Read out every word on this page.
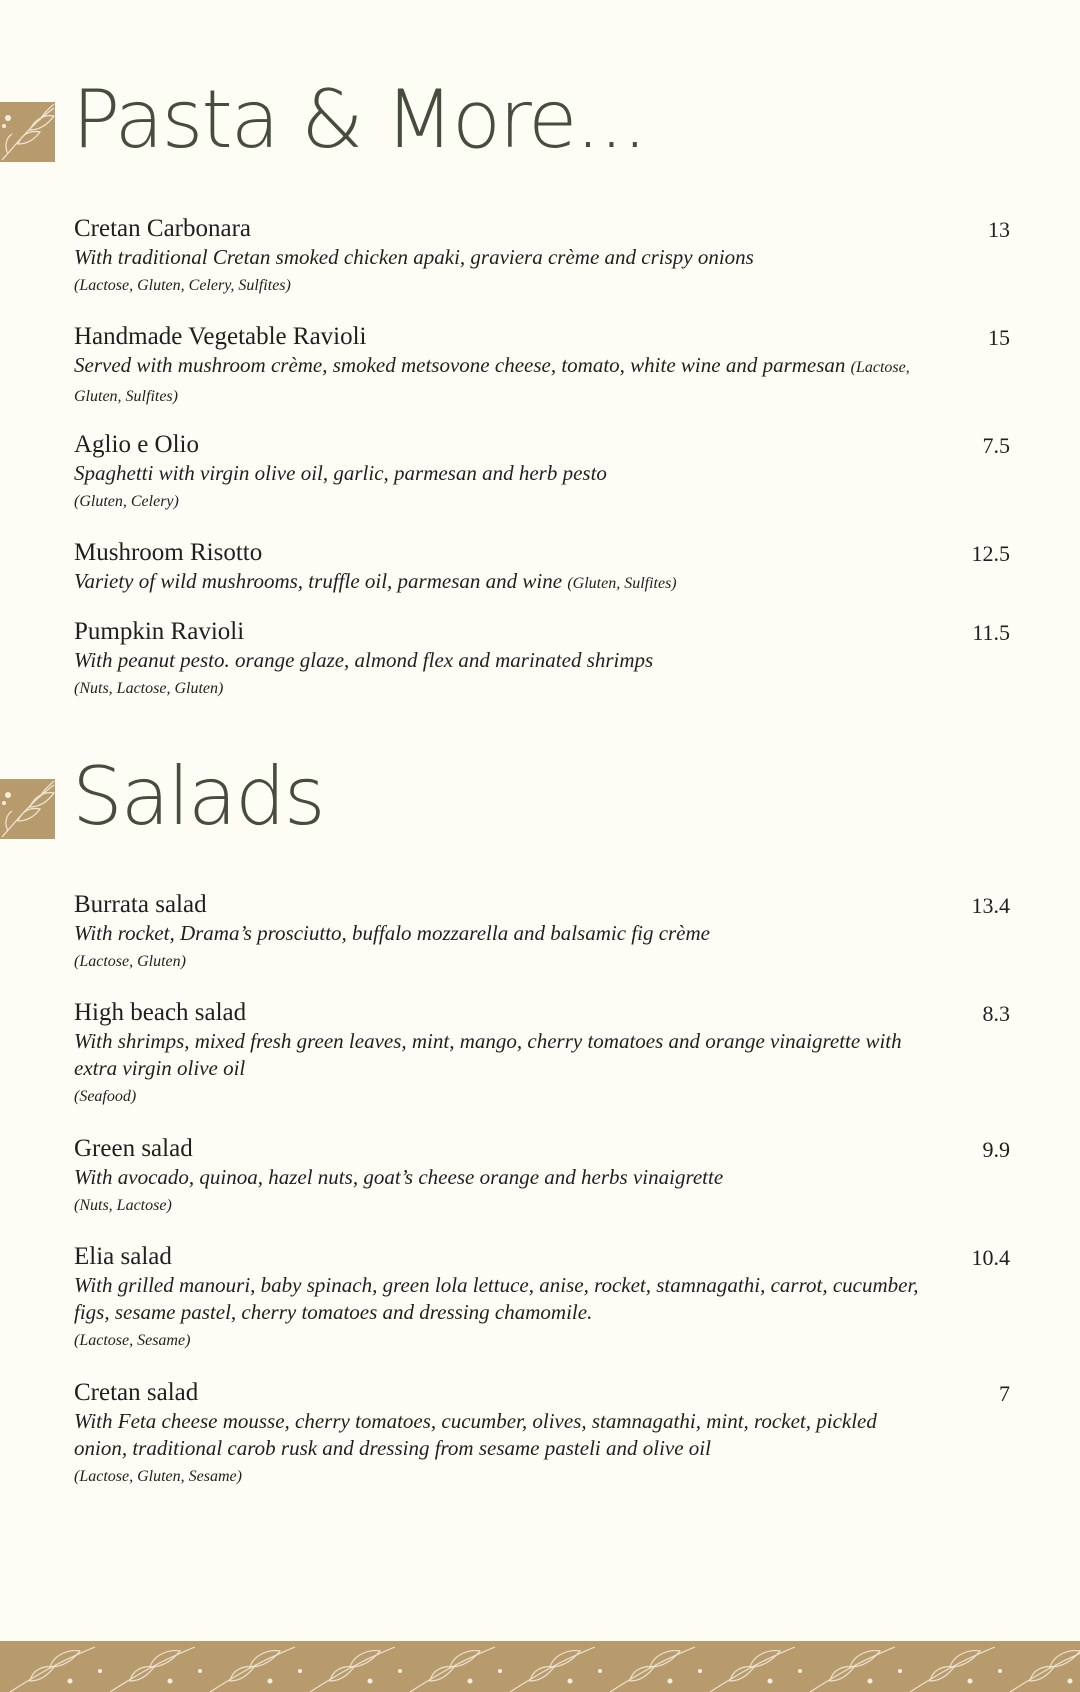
Pasta & More...
Cretan Carbonara	13
With traditional Cretan smoked chicken apaki, graviera crème and crispy onions
(Lactose, Gluten, Celery, Sulfites)
Handmade Vegetable Ravioli	15
Served with mushroom crème, smoked metsovone cheese, tomato, white wine and parmesan (Lactose, Gluten, Sulfites)
Aglio e Olio	7.5
Spaghetti with virgin olive oil, garlic, parmesan and herb pesto
(Gluten, Celery)
Mushroom Risotto	12.5
Variety of wild mushrooms, truffle oil, parmesan and wine (Gluten, Sulfites)
Pumpkin Ravioli	11.5
With peanut pesto. orange glaze, almond flex and marinated shrimps
(Nuts, Lactose, Gluten)
Salads
Burrata salad	13.4
With rocket, Drama’s prosciutto, buffalo mozzarella and balsamic fig crème
(Lactose, Gluten)
High beach salad	8.3
With shrimps, mixed fresh green leaves, mint, mango, cherry tomatoes and orange vinaigrette with extra virgin olive oil
(Seafood)
Green salad	9.9
With avocado, quinoa, hazel nuts, goat’s cheese orange and herbs vinaigrette
(Nuts, Lactose)
Elia salad	10.4
With grilled manouri, baby spinach, green lola lettuce, anise, rocket, stamnagathi, carrot, cucumber, figs, sesame pastel, cherry tomatoes and dressing chamomile.
(Lactose, Sesame)
Cretan salad	7
With Feta cheese mousse, cherry tomatoes, cucumber, olives, stamnagathi, mint, rocket, pickled onion, traditional carob rusk and dressing from sesame pasteli and olive oil
(Lactose, Gluten, Sesame)
